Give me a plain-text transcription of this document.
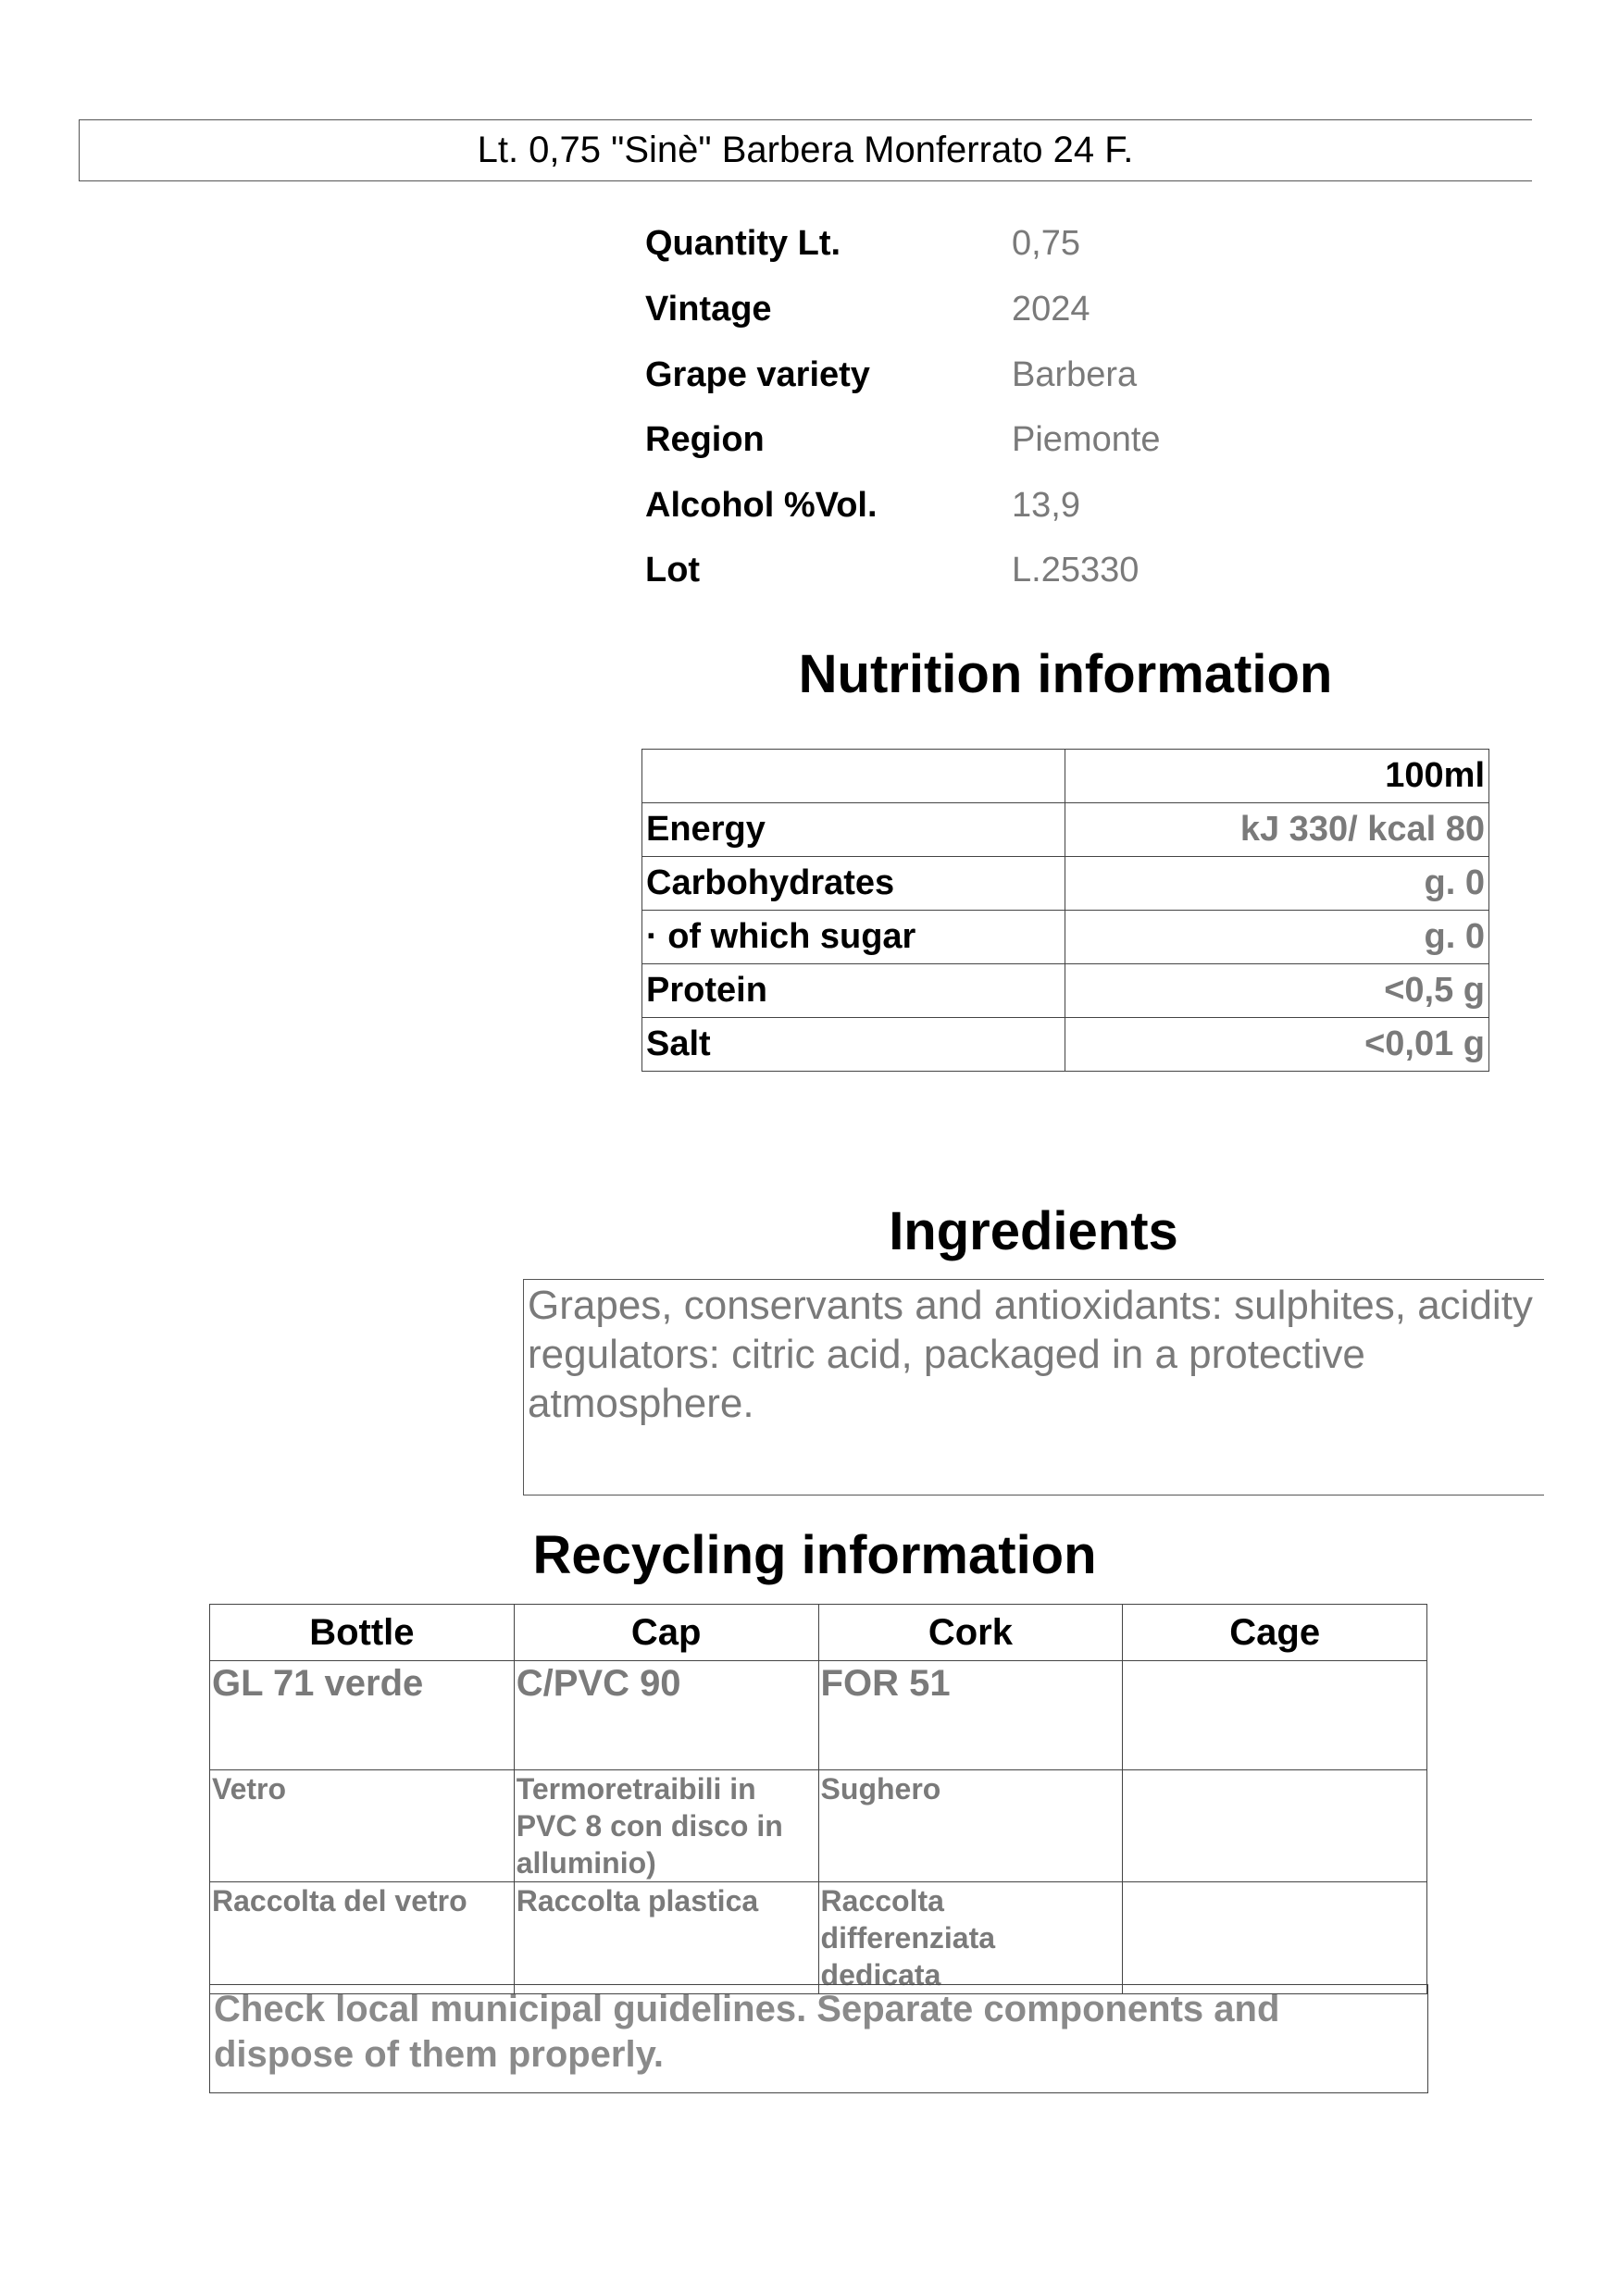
Lt. 0,75 "Sinè" Barbera Monferrato 24 F.
Quantity Lt.	0,75
Vintage	2024
Grape variety	Barbera
Region	Piemonte
Alcohol %Vol.	13,9
Lot	L.25330
Nutrition information
	100ml
Energy	kJ 330/ kcal 80
Carbohydrates	g. 0
· of which sugar	g. 0
Protein	<0,5 g
Salt	<0,01 g
Ingredients
Grapes, conservants and antioxidants: sulphites, acidity regulators: citric acid, packaged in a protective atmosphere.
Recycling information
Bottle	Cap	Cork	Cage
GL 71 verde	C/PVC 90	FOR 51	
Vetro	Termoretraibili in PVC 8 con disco in alluminio)	Sughero	
Raccolta del vetro	Raccolta plastica	Raccolta differenziata dedicata	
Check local municipal guidelines. Separate components and dispose of them properly.
